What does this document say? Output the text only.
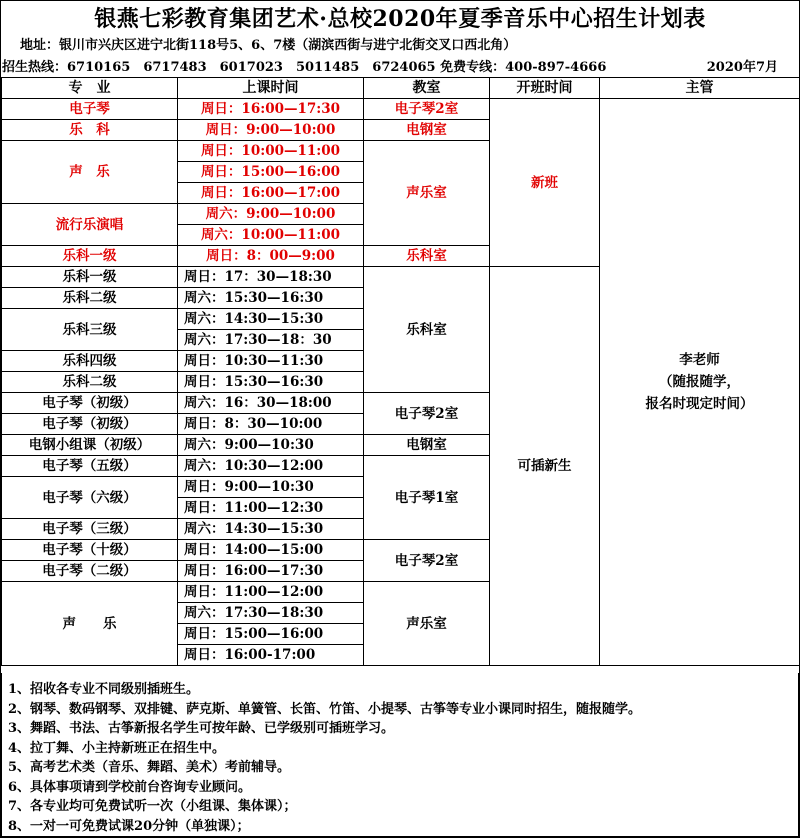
银燕七彩教育集团艺术·总校2020年夏季音乐中心招生计划表
地址：银川市兴庆区进宁北街118号5、6、7楼（湖滨西街与进宁北街交叉口西北角）
招生热线：6710165　6717483　6017023　5011485　6724065 免费专线：400-897-4666	2020年7月
专　业	上课时间	教室	开班时间	主管
电子琴	周日：16:00—17:30	电子琴2室	新班	李老师
（随报随学，
报名时现定时间）

乐　科	周日：9:00—10:00	电钢室		
声　乐	周日：10:00—11:00	声乐室		
	周日：15:00—16:00			
	周日：16:00—17:00			
流行乐演唱	周六：9:00—10:00			
	周六：10:00—11:00			
乐科一级	周日：8：00—9:00	乐科室		
乐科一级	周日：17：30—18:30	乐科室	可插新生	
乐科二级	周六：15:30—16:30			
乐科三级	周六：14:30—15:30			
	周六：17:30—18：30			
乐科四级	周日：10:30—11:30			
乐科二级	周日：15:30—16:30			
电子琴（初级）	周六：16：30—18:00	电子琴2室		
电子琴（初级）	周日：8：30—10:00			
电钢小组课（初级）	周六：9:00—10:30	电钢室		
电子琴（五级）	周六：10:30—12:00	电子琴1室		
电子琴（六级）	周日：9:00—10:30			
	周日：11:00—12:30			
电子琴（三级）	周六：14:30—15:30			
电子琴（十级）	周日：14:00—15:00	电子琴2室		
电子琴（二级）	周日：16:00—17:30			
声　　乐	周日：11:00—12:00	声乐室		
	周六：17:30—18:30			
	周日：15:00—16:00			
	周日：16:00-17:00			
1、招收各专业不同级别插班生。
2、钢琴、数码钢琴、双排键、萨克斯、单簧管、长笛、竹笛、小提琴、古筝等专业小课同时招生，随报随学。
3、舞蹈、书法、古筝新报名学生可按年龄、已学级别可插班学习。
4、拉丁舞、小主持新班正在招生中。
5、高考艺术类（音乐、舞蹈、美术）考前辅导。
6、具体事项请到学校前台咨询专业顾问。
7、各专业均可免费试听一次（小组课、集体课）；
8、一对一可免费试课20分钟（单独课）；
